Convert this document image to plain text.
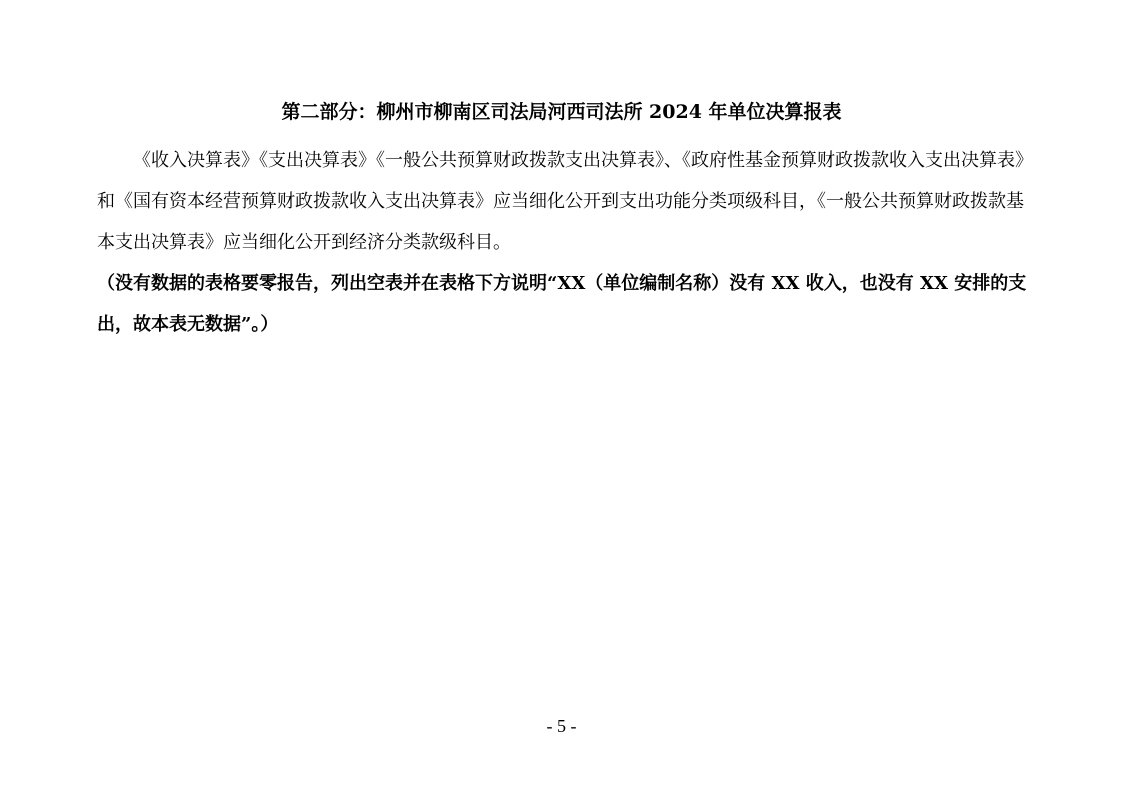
第二部分：柳州市柳南区司法局河西司法所 2024 年单位决算报表

《收入决算表》《支出决算表》《一般公共预算财政拨款支出决算表》、《政府性基金预算财政拨款收入支出决算表》和《国有资本经营预算财政拨款收入支出决算表》应当细化公开到支出功能分类项级科目，《一般公共预算财政拨款基本支出决算表》应当细化公开到经济分类款级科目。

（没有数据的表格要零报告，列出空表并在表格下方说明“XX（单位编制名称）没有 XX 收入，也没有 XX 安排的支出，故本表无数据”。）

- 5 -
